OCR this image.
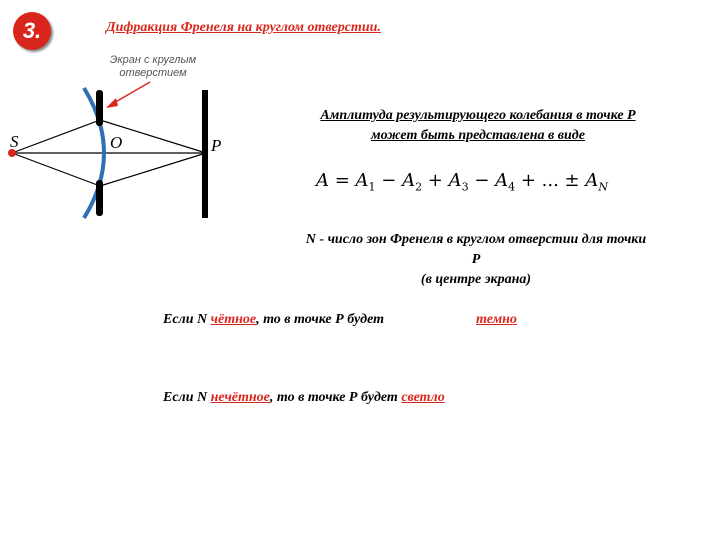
3.	Дифракция Френеля на круглом отверстии.
Экран с круглым
отверстием
S	O	P
Амплитуда результирующего колебания в точке Р
может быть представлена в виде
$A = A_1 - A_2 + A_3 - A_4$ + ... ± $A_N$
N - число зон Френеля в круглом отверстии для точки
Р
(в центре экрана)
Если N чётное, то в точке Р будет	темно
Если N нечётное, то в точке Р будет светло
